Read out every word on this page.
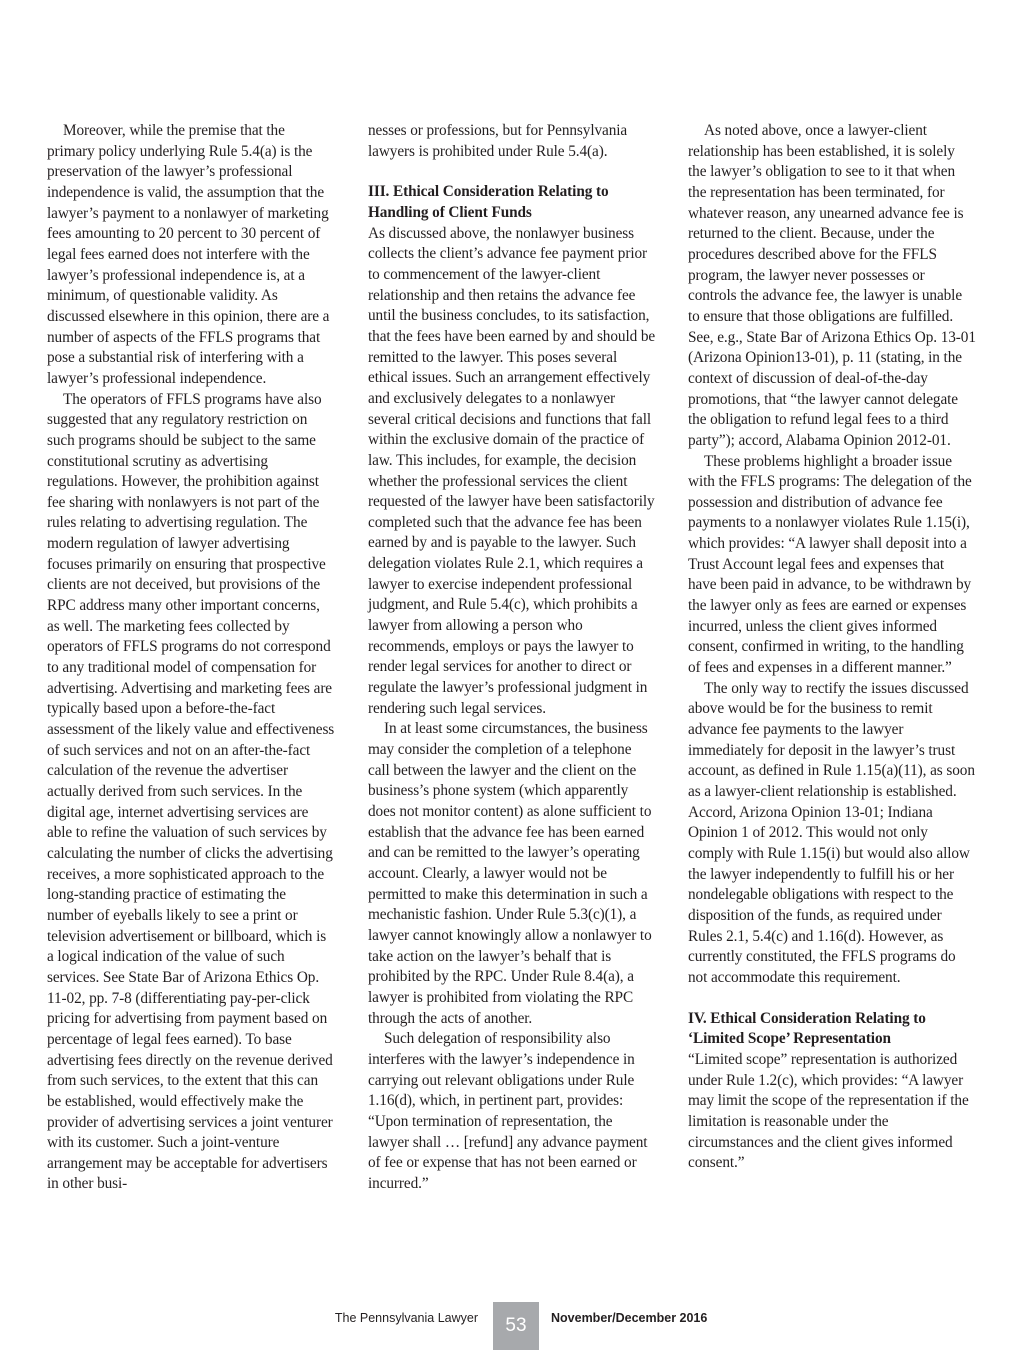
Moreover, while the premise that the primary policy underlying Rule 5.4(a) is the preservation of the lawyer’s professional independence is valid, the assumption that the lawyer’s payment to a nonlawyer of marketing fees amounting to 20 percent to 30 percent of legal fees earned does not interfere with the lawyer’s professional independence is, at a minimum, of questionable validity. As discussed elsewhere in this opinion, there are a number of aspects of the FFLS programs that pose a substantial risk of interfering with a lawyer’s professional independence.

The operators of FFLS programs have also suggested that any regulatory restriction on such programs should be subject to the same constitutional scrutiny as advertising regulations. However, the prohibition against fee sharing with nonlawyers is not part of the rules relating to advertising regulation. The modern regulation of lawyer advertising focuses primarily on ensuring that prospective clients are not deceived, but provisions of the RPC address many other important concerns, as well. The marketing fees collected by operators of FFLS programs do not correspond to any traditional model of compensation for advertising. Advertising and marketing fees are typically based upon a before-the-fact assessment of the likely value and effectiveness of such services and not on an after-the-fact calculation of the revenue the advertiser actually derived from such services. In the digital age, internet advertising services are able to refine the valuation of such services by calculating the number of clicks the advertising receives, a more sophisticated approach to the long-standing practice of estimating the number of eyeballs likely to see a print or television advertisement or billboard, which is a logical indication of the value of such services. See State Bar of Arizona Ethics Op. 11-02, pp. 7-8 (differentiating pay-per-click pricing for advertising from payment based on percentage of legal fees earned). To base advertising fees directly on the revenue derived from such services, to the extent that this can be established, would effectively make the provider of advertising services a joint venturer with its customer. Such a joint-venture arrangement may be acceptable for advertisers in other busi-

nesses or professions, but for Pennsylvania lawyers is prohibited under Rule 5.4(a).

III. Ethical Consideration Relating to
Handling of Client Funds

As discussed above, the nonlawyer business collects the client’s advance fee payment prior to commencement of the lawyer-client relationship and then retains the advance fee until the business concludes, to its satisfaction, that the fees have been earned by and should be remitted to the lawyer. This poses several ethical issues. Such an arrangement effectively and exclusively delegates to a nonlawyer several critical decisions and functions that fall within the exclusive domain of the practice of law. This includes, for example, the decision whether the professional services the client requested of the lawyer have been satisfactorily completed such that the advance fee has been earned by and is payable to the lawyer. Such delegation violates Rule 2.1, which requires a lawyer to exercise independent professional judgment, and Rule 5.4(c), which prohibits a lawyer from allowing a person who recommends, employs or pays the lawyer to render legal services for another to direct or regulate the lawyer’s professional judgment in rendering such legal services.

In at least some circumstances, the business may consider the completion of a telephone call between the lawyer and the client on the business’s phone system (which apparently does not monitor content) as alone sufficient to establish that the advance fee has been earned and can be remitted to the lawyer’s operating account. Clearly, a lawyer would not be permitted to make this determination in such a mechanistic fashion. Under Rule 5.3(c)(1), a lawyer cannot knowingly allow a nonlawyer to take action on the lawyer’s behalf that is prohibited by the RPC. Under Rule 8.4(a), a lawyer is prohibited from violating the RPC through the acts of another.

Such delegation of responsibility also interferes with the lawyer’s independence in carrying out relevant obligations under Rule 1.16(d), which, in pertinent part, provides: “Upon termination of representation, the lawyer shall … [refund] any advance payment of fee or expense that has not been earned or incurred.”

As noted above, once a lawyer-client relationship has been established, it is solely the lawyer’s obligation to see to it that when the representation has been terminated, for whatever reason, any unearned advance fee is returned to the client. Because, under the procedures described above for the FFLS program, the lawyer never possesses or controls the advance fee, the lawyer is unable to ensure that those obligations are fulfilled. See, e.g., State Bar of Arizona Ethics Op. 13-01 (Arizona Opinion13-01), p. 11 (stating, in the context of discussion of deal-of-the-day promotions, that “the lawyer cannot delegate the obligation to refund legal fees to a third party”); accord, Alabama Opinion 2012-01.

These problems highlight a broader issue with the FFLS programs: The delegation of the possession and distribution of advance fee payments to a nonlawyer violates Rule 1.15(i), which provides: “A lawyer shall deposit into a Trust Account legal fees and expenses that have been paid in advance, to be withdrawn by the lawyer only as fees are earned or expenses incurred, unless the client gives informed consent, confirmed in writing, to the handling of fees and expenses in a different manner.”

The only way to rectify the issues discussed above would be for the business to remit advance fee payments to the lawyer immediately for deposit in the lawyer’s trust account, as defined in Rule 1.15(a)(11), as soon as a lawyer-client relationship is established. Accord, Arizona Opinion 13-01; Indiana Opinion 1 of 2012. This would not only comply with Rule 1.15(i) but would also allow the lawyer independently to fulfill his or her nondelegable obligations with respect to the disposition of the funds, as required under Rules 2.1, 5.4(c) and 1.16(d). However, as currently constituted, the FFLS programs do not accommodate this requirement.

IV. Ethical Consideration Relating to
‘Limited Scope’ Representation

“Limited scope” representation is authorized under Rule 1.2(c), which provides: “A lawyer may limit the scope of the representation if the limitation is reasonable under the circumstances and the client gives informed consent.”

The Pennsylvania Lawyer	53	November/December 2016
